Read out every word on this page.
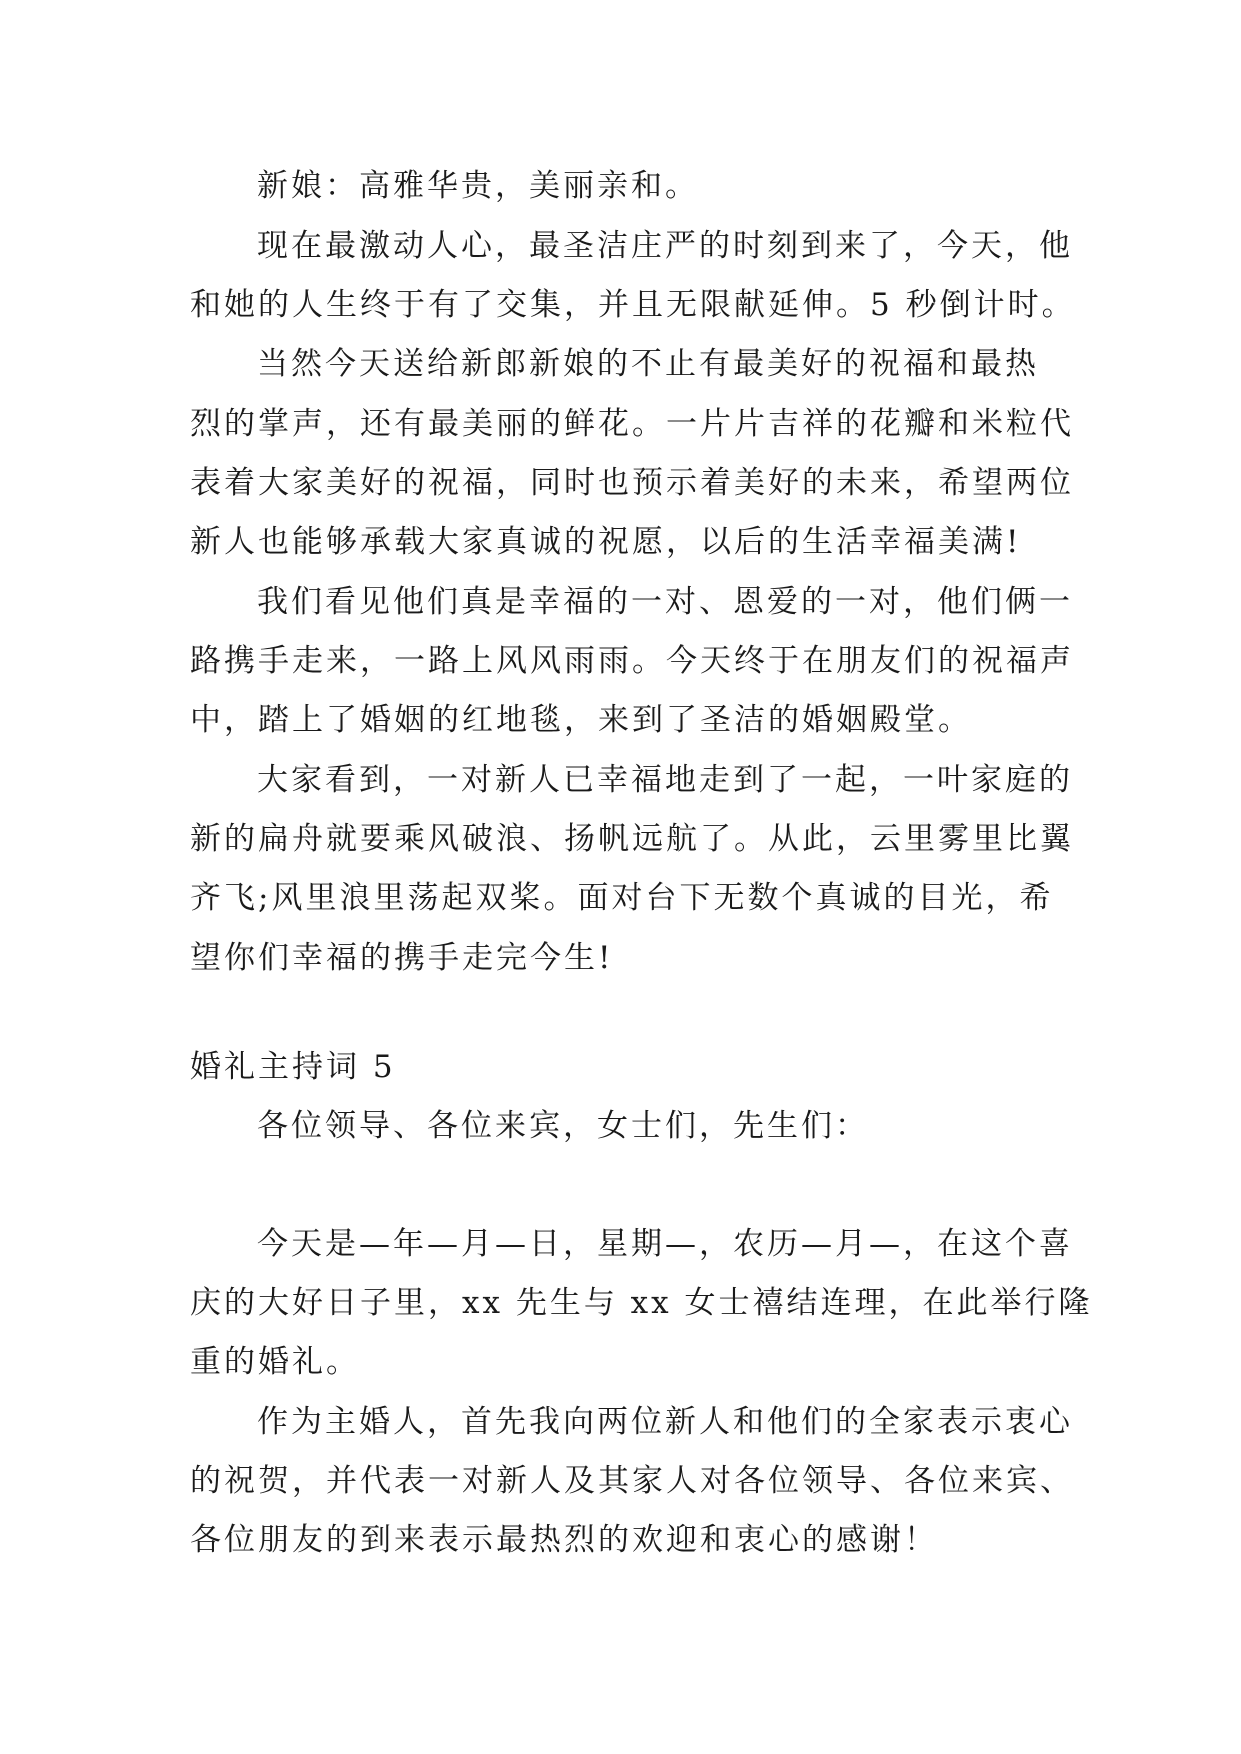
新娘：高雅华贵，美丽亲和。
现在最激动人心，最圣洁庄严的时刻到来了，今天，他
和她的人生终于有了交集，并且无限献延伸。5 秒倒计时。
当然今天送给新郎新娘的不止有最美好的祝福和最热
烈的掌声，还有最美丽的鲜花。一片片吉祥的花瓣和米粒代
表着大家美好的祝福，同时也预示着美好的未来，希望两位
新人也能够承载大家真诚的祝愿，以后的生活幸福美满!
我们看见他们真是幸福的一对、恩爱的一对，他们俩一
路携手走来，一路上风风雨雨。今天终于在朋友们的祝福声
中，踏上了婚姻的红地毯，来到了圣洁的婚姻殿堂。
大家看到，一对新人已幸福地走到了一起，一叶家庭的
新的扁舟就要乘风破浪、扬帆远航了。从此，云里雾里比翼
齐飞;风里浪里荡起双桨。面对台下无数个真诚的目光，希
望你们幸福的携手走完今生!
婚礼主持词 5
各位领导、各位来宾，女士们，先生们：
今天是—年—月—日，星期—，农历—月—，在这个喜
庆的大好日子里，xx 先生与 xx 女士禧结连理，在此举行隆
重的婚礼。
作为主婚人，首先我向两位新人和他们的全家表示衷心
的祝贺，并代表一对新人及其家人对各位领导、各位来宾、
各位朋友的到来表示最热烈的欢迎和衷心的感谢！
